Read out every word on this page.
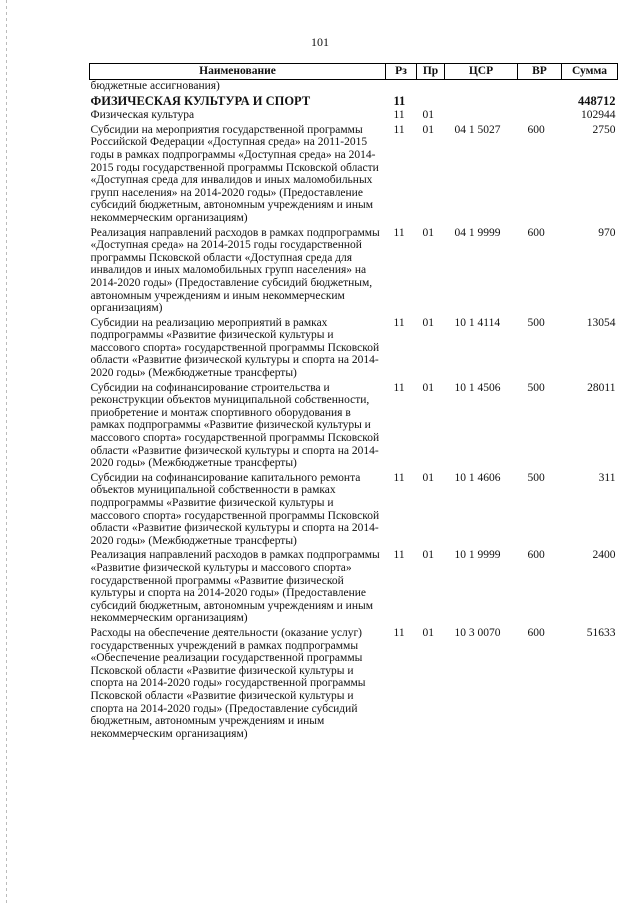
101
Наименование	Рз	Пр	ЦСР	ВР	Сумма
бюджетные ассигнования)					
ФИЗИЧЕСКАЯ КУЛЬТУРА И СПОРТ	11				448712
Физическая культура	11	01			102944
Субсидии на мероприятия государственной программы Российской Федерации «Доступная среда» на 2011-2015 годы в рамках подпрограммы «Доступная среда» на 2014-2015 годы государственной программы Псковской области «Доступная среда для инвалидов и иных маломобильных групп населения» на 2014-2020 годы» (Предоставление субсидий бюджетным, автономным учреждениям и иным некоммерческим организациям)	11	01	04 1 5027	600	2750
Реализация направлений расходов в рамках подпрограммы «Доступная среда» на 2014-2015 годы государственной программы Псковской области «Доступная среда для инвалидов и иных маломобильных групп населения» на 2014-2020 годы» (Предоставление субсидий бюджетным, автономным учреждениям и иным некоммерческим организациям)	11	01	04 1 9999	600	970
Субсидии на реализацию мероприятий в рамках подпрограммы «Развитие физической культуры и массового спорта» государственной программы Псковской области «Развитие физической культуры и спорта на 2014-2020 годы» (Межбюджетные трансферты)	11	01	10 1 4114	500	13054
Субсидии на софинансирование строительства и реконструкции объектов муниципальной собственности, приобретение и монтаж спортивного оборудования в рамках подпрограммы «Развитие физической культуры и массового спорта» государственной программы Псковской области «Развитие физической культуры и спорта на 2014-2020 годы» (Межбюджетные трансферты)	11	01	10 1 4506	500	28011
Субсидии на софинансирование капитального ремонта объектов муниципальной собственности в рамках подпрограммы «Развитие физической культуры и массового спорта» государственной программы Псковской области «Развитие физической культуры и спорта на 2014-2020 годы» (Межбюджетные трансферты)	11	01	10 1 4606	500	311
Реализация направлений расходов в рамках подпрограммы «Развитие физической культуры и массового спорта» государственной программы «Развитие физической культуры и спорта на 2014-2020 годы» (Предоставление субсидий бюджетным, автономным учреждениям и иным некоммерческим организациям)	11	01	10 1 9999	600	2400
Расходы на обеспечение деятельности (оказание услуг) государственных учреждений в рамках подпрограммы «Обеспечение реализации государственной программы Псковской области «Развитие физической культуры и спорта на 2014-2020 годы» государственной программы Псковской области «Развитие физической культуры и спорта на 2014-2020 годы» (Предоставление субсидий бюджетным, автономным учреждениям и иным некоммерческим организациям)	11	01	10 3 0070	600	51633
